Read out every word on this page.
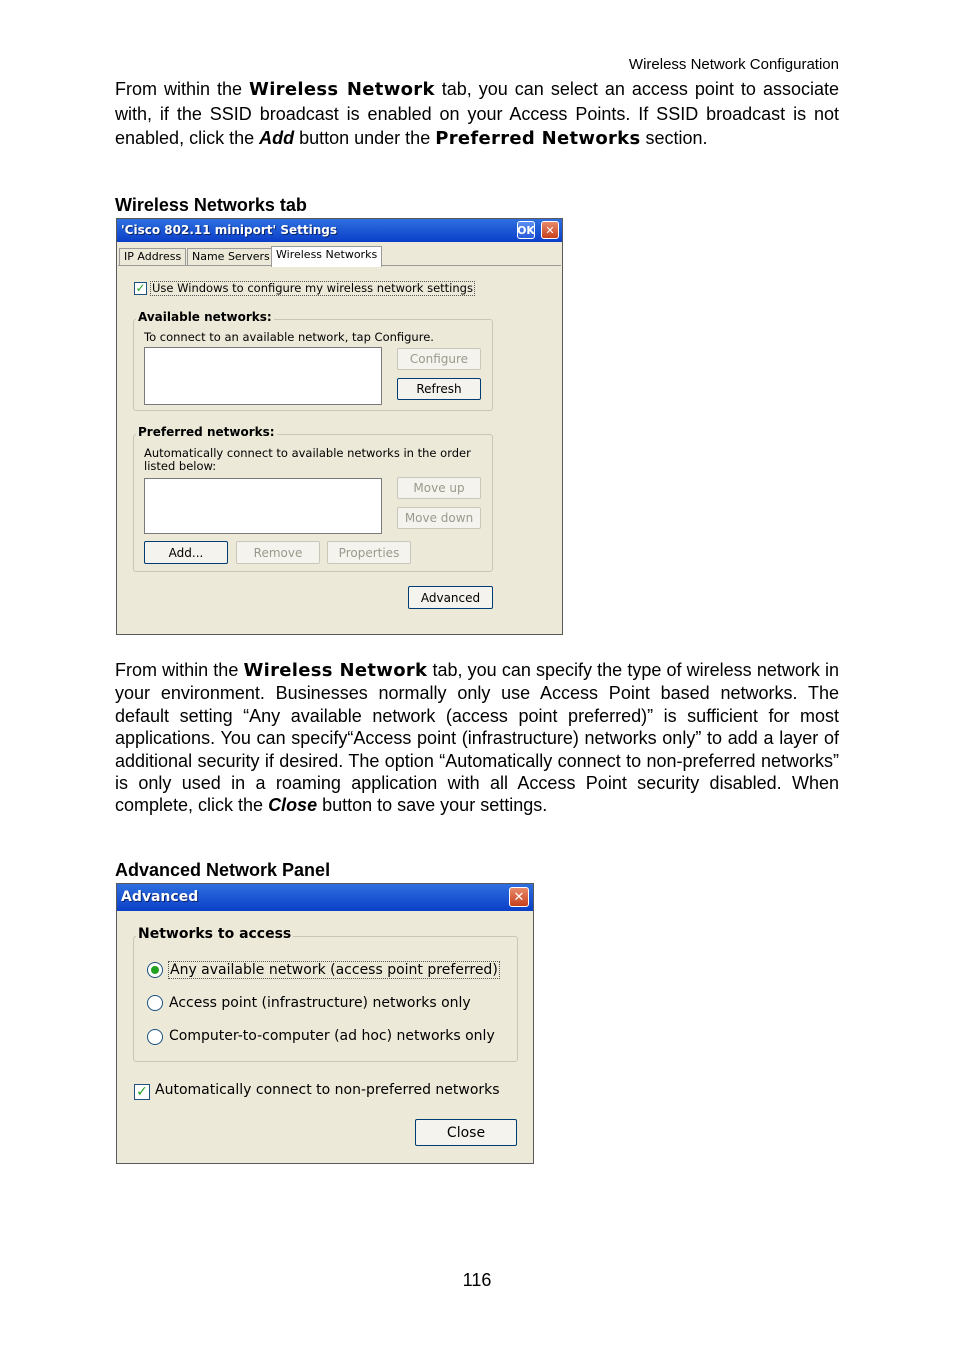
Wireless Network Configuration
From within the Wireless Network tab, you can select an access point to associate with, if the SSID broadcast is enabled on your Access Points. If SSID broadcast is not enabled, click the Add button under the Preferred Networks section.
Wireless Networks tab
'Cisco 802.11 miniport' Settings	OK ✕
IP Address Name Servers Wireless Networks
✓ Use Windows to configure my wireless network settings
Available networks:
To connect to an available network, tap Configure.
Configure
Refresh
Preferred networks:
Automatically connect to available networks in the order listed below:
Move up
Move down
Add...	Remove	Properties
Advanced
From within the Wireless Network tab, you can specify the type of wireless network in your environment. Businesses normally only use Access Point based networks. The default setting “Any available network (access point preferred)” is sufficient for most applications. You can specify“Access point (infrastructure) networks only” to add a layer of additional security if desired. The option “Automatically connect to non-preferred networks” is only used in a roaming application with all Access Point security disabled. When complete, click the Close button to save your settings.
Advanced Network Panel
Advanced	✕
Networks to access
Any available network (access point preferred)
Access point (infrastructure) networks only
Computer-to-computer (ad hoc) networks only
✓ Automatically connect to non-preferred networks
Close
116
